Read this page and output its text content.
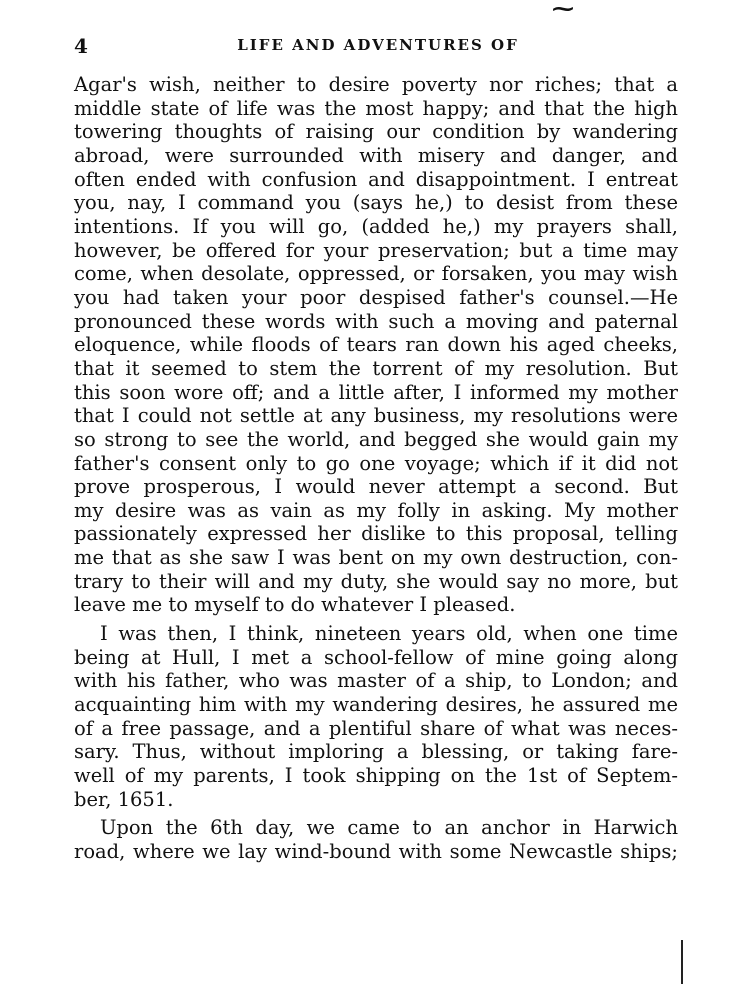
⁓
4	LIFE AND ADVENTURES OF
Agar's wish, neither to desire poverty nor riches; that a
middle state of life was the most happy; and that the high
towering thoughts of raising our condition by wandering
abroad, were surrounded with misery and danger, and
often ended with confusion and disappointment. I entreat
you, nay, I command you (says he,) to desist from these
intentions. If you will go, (added he,) my prayers shall,
however, be offered for your preservation; but a time may
come, when desolate, oppressed, or forsaken, you may wish
you had taken your poor despised father's counsel.—He
pronounced these words with such a moving and paternal
eloquence, while floods of tears ran down his aged cheeks,
that it seemed to stem the torrent of my resolution. But
this soon wore off; and a little after, I informed my mother
that I could not settle at any business, my resolutions were
so strong to see the world, and begged she would gain my
father's consent only to go one voyage; which if it did not
prove prosperous, I would never attempt a second. But
my desire was as vain as my folly in asking. My mother
passionately expressed her dislike to this proposal, telling
me that as she saw I was bent on my own destruction, con-
trary to their will and my duty, she would say no more, but
leave me to myself to do whatever I pleased.
I was then, I think, nineteen years old, when one time
being at Hull, I met a school-fellow of mine going along
with his father, who was master of a ship, to London; and
acquainting him with my wandering desires, he assured me
of a free passage, and a plentiful share of what was neces-
sary. Thus, without imploring a blessing, or taking fare-
well of my parents, I took shipping on the 1st of Septem-
ber, 1651.
Upon the 6th day, we came to an anchor in Harwich
road, where we lay wind-bound with some Newcastle ships;
